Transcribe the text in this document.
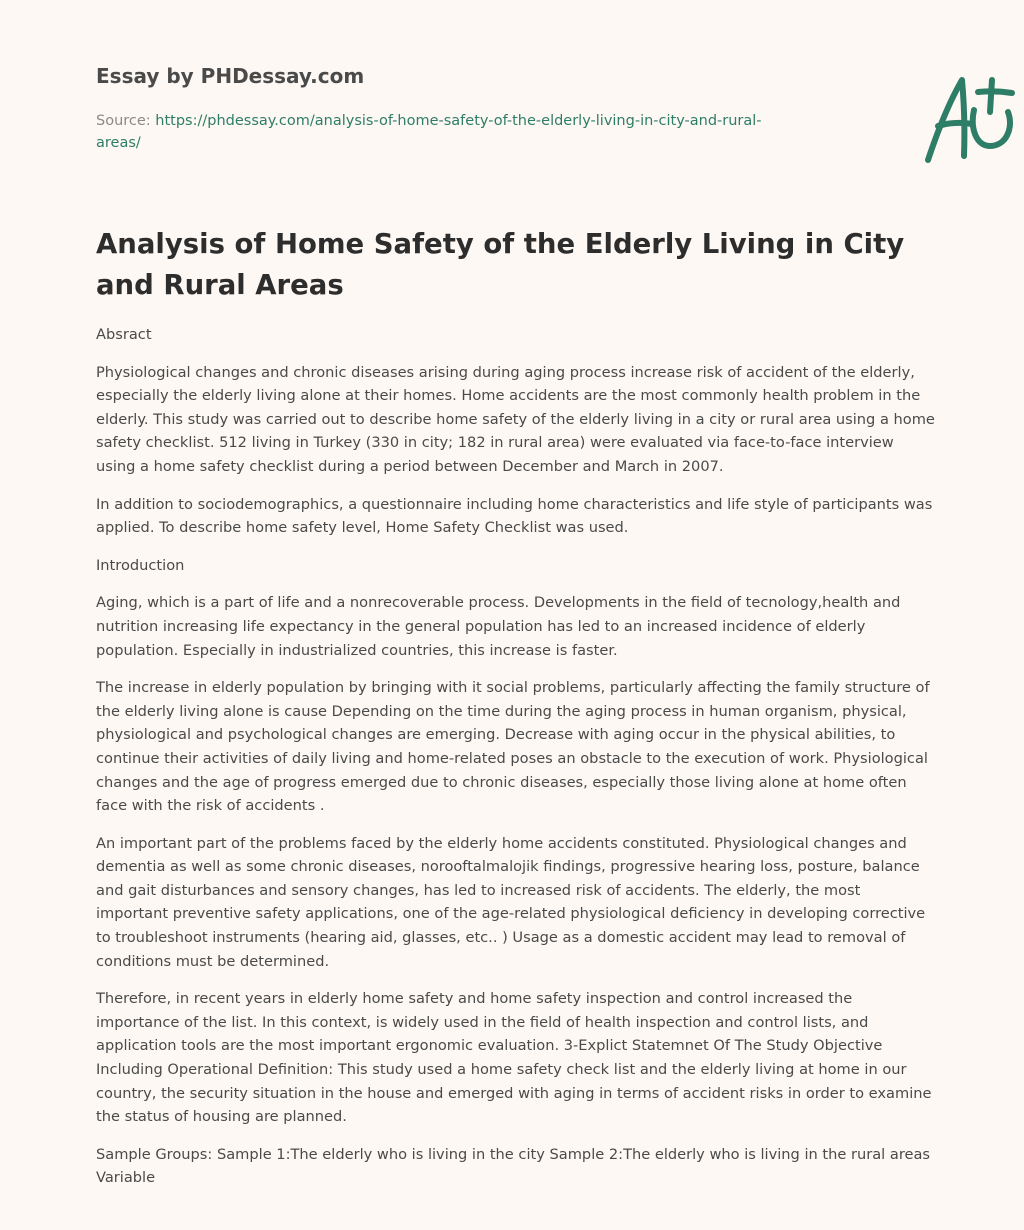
Essay by PHDessay.com
Source: https://phdessay.com/analysis-of-home-safety-of-the-elderly-living-in-city-and-rural-areas/
Analysis of Home Safety of the Elderly Living in City and Rural Areas

Absract

Physiological changes and chronic diseases arising during aging process increase risk of accident of the elderly, especially the elderly living alone at their homes. Home accidents are the most commonly health problem in the elderly. This study was carried out to describe home safety of the elderly living in a city or rural area using a home safety checklist. 512 living in Turkey (330 in city; 182 in rural area) were evaluated via face-to-face interview using a home safety checklist during a period between December and March in 2007.

In addition to sociodemographics, a questionnaire including home characteristics and life style of participants was applied. To describe home safety level, Home Safety Checklist was used.

Introduction

Aging, which is a part of life and a nonrecoverable process. Developments in the field of tecnology,health and nutrition increasing life expectancy in the general population has led to an increased incidence of elderly population. Especially in industrialized countries, this increase is faster.

The increase in elderly population by bringing with it social problems, particularly affecting the family structure of the elderly living alone is cause Depending on the time during the aging process in human organism, physical, physiological and psychological changes are emerging. Decrease with aging occur in the physical abilities, to continue their activities of daily living and home-related poses an obstacle to the execution of work. Physiological changes and the age of progress emerged due to chronic diseases, especially those living alone at home often face with the risk of accidents .

An important part of the problems faced by the elderly home accidents constituted. Physiological changes and dementia as well as some chronic diseases, norooftalmalojik findings, progressive hearing loss, posture, balance and gait disturbances and sensory changes, has led to increased risk of accidents. The elderly, the most important preventive safety applications, one of the age-related physiological deficiency in developing corrective to troubleshoot instruments (hearing aid, glasses, etc.. ) Usage as a domestic accident may lead to removal of conditions must be determined.

Therefore, in recent years in elderly home safety and home safety inspection and control increased the importance of the list. In this context, is widely used in the field of health inspection and control lists, and application tools are the most important ergonomic evaluation. 3-Explict Statemnet Of The Study Objective Including Operational Definition: This study used a home safety check list and the elderly living at home in our country, the security situation in the house and emerged with aging in terms of accident risks in order to examine the status of housing are planned.

Sample Groups: Sample 1:The elderly who is living in the city Sample 2:The elderly who is living in the rural areas Variable
